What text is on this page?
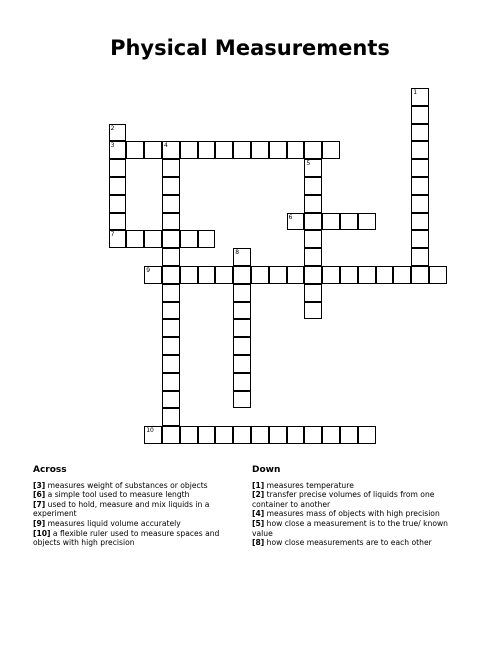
Physical Measurements
1
2
3
7
4
5
6
8
9
10
Across
[3] measures weight of substances or objects
[6] a simple tool used to measure length
[7] used to hold, measure and mix liquids in a experiment
[9] measures liquid volume accurately
[10] a flexible ruler used to measure spaces and objects with high precision
Down
[1] measures temperature
[2] transfer precise volumes of liquids from one container to another
[4] measures mass of objects with high precision
[5] how close a measurement is to the true/ known value
[8] how close measurements are to each other
